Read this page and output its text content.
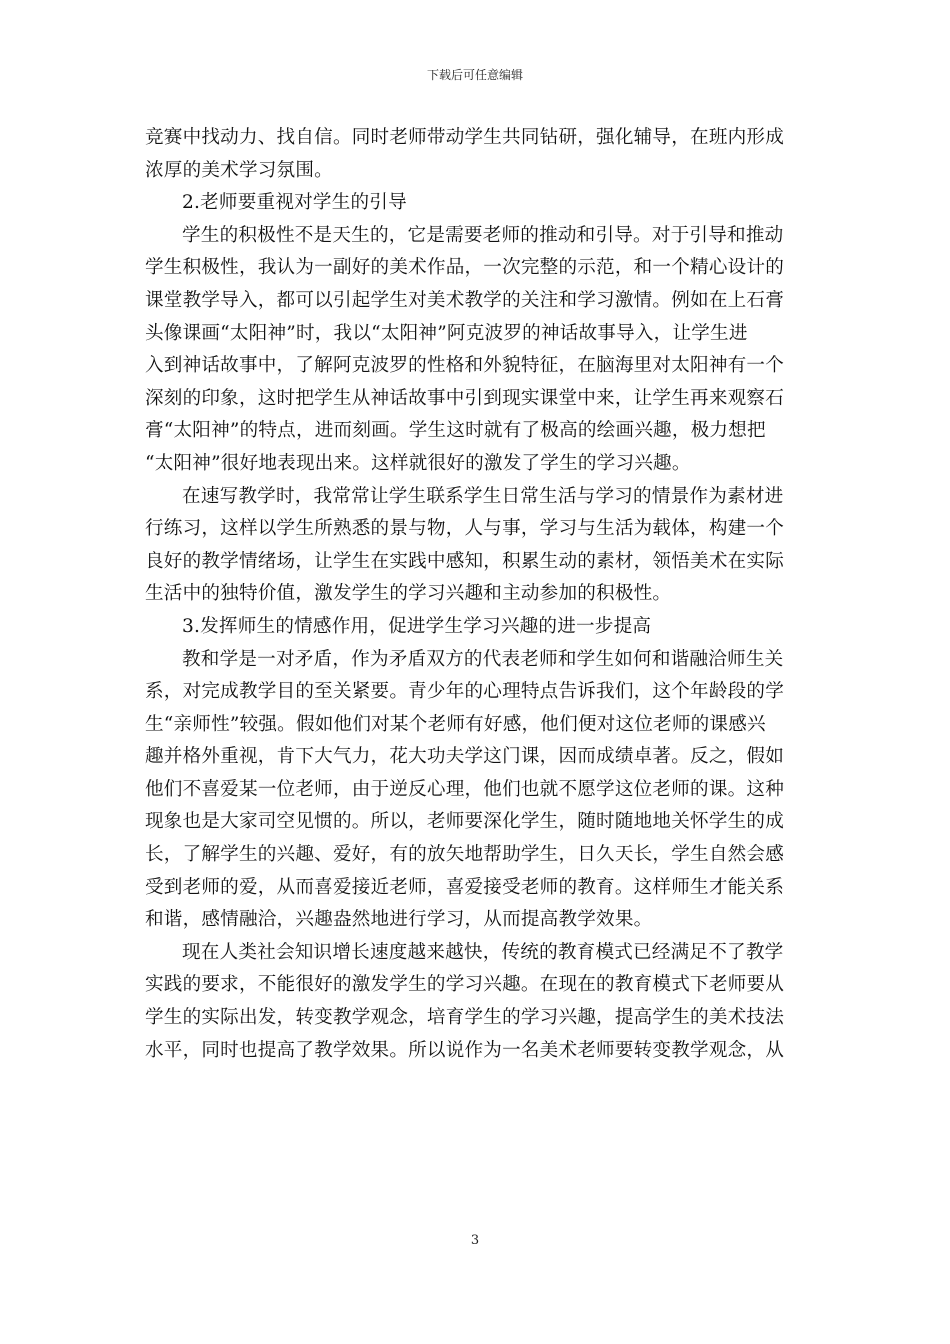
下载后可任意编辑
竞赛中找动力、找自信。同时老师带动学生共同钻研，强化辅导，在班内形成
浓厚的美术学习氛围。
2.老师要重视对学生的引导
学生的积极性不是天生的，它是需要老师的推动和引导。对于引导和推动
学生积极性，我认为一副好的美术作品，一次完整的示范，和一个精心设计的
课堂教学导入，都可以引起学生对美术教学的关注和学习激情。例如在上石膏
头像课画“太阳神”时，我以“太阳神”阿克波罗的神话故事导入，让学生进
入到神话故事中，了解阿克波罗的性格和外貌特征，在脑海里对太阳神有一个
深刻的印象，这时把学生从神话故事中引到现实课堂中来，让学生再来观察石
膏“太阳神”的特点，进而刻画。学生这时就有了极高的绘画兴趣，极力想把
“太阳神”很好地表现出来。这样就很好的激发了学生的学习兴趣。
在速写教学时，我常常让学生联系学生日常生活与学习的情景作为素材进
行练习，这样以学生所熟悉的景与物，人与事，学习与生活为载体，构建一个
良好的教学情绪场，让学生在实践中感知，积累生动的素材，领悟美术在实际
生活中的独特价值，激发学生的学习兴趣和主动参加的积极性。
3.发挥师生的情感作用，促进学生学习兴趣的进一步提高
教和学是一对矛盾，作为矛盾双方的代表老师和学生如何和谐融洽师生关
系，对完成教学目的至关紧要。青少年的心理特点告诉我们，这个年龄段的学
生“亲师性”较强。假如他们对某个老师有好感，他们便对这位老师的课感兴
趣并格外重视，肯下大气力，花大功夫学这门课，因而成绩卓著。反之，假如
他们不喜爱某一位老师，由于逆反心理，他们也就不愿学这位老师的课。这种
现象也是大家司空见惯的。所以，老师要深化学生，随时随地地关怀学生的成
长，了解学生的兴趣、爱好，有的放矢地帮助学生，日久天长，学生自然会感
受到老师的爱，从而喜爱接近老师，喜爱接受老师的教育。这样师生才能关系
和谐，感情融洽，兴趣盎然地进行学习，从而提高教学效果。
现在人类社会知识增长速度越来越快，传统的教育模式已经满足不了教学
实践的要求，不能很好的激发学生的学习兴趣。在现在的教育模式下老师要从
学生的实际出发，转变教学观念，培育学生的学习兴趣，提高学生的美术技法
水平，同时也提高了教学效果。所以说作为一名美术老师要转变教学观念，从
3
